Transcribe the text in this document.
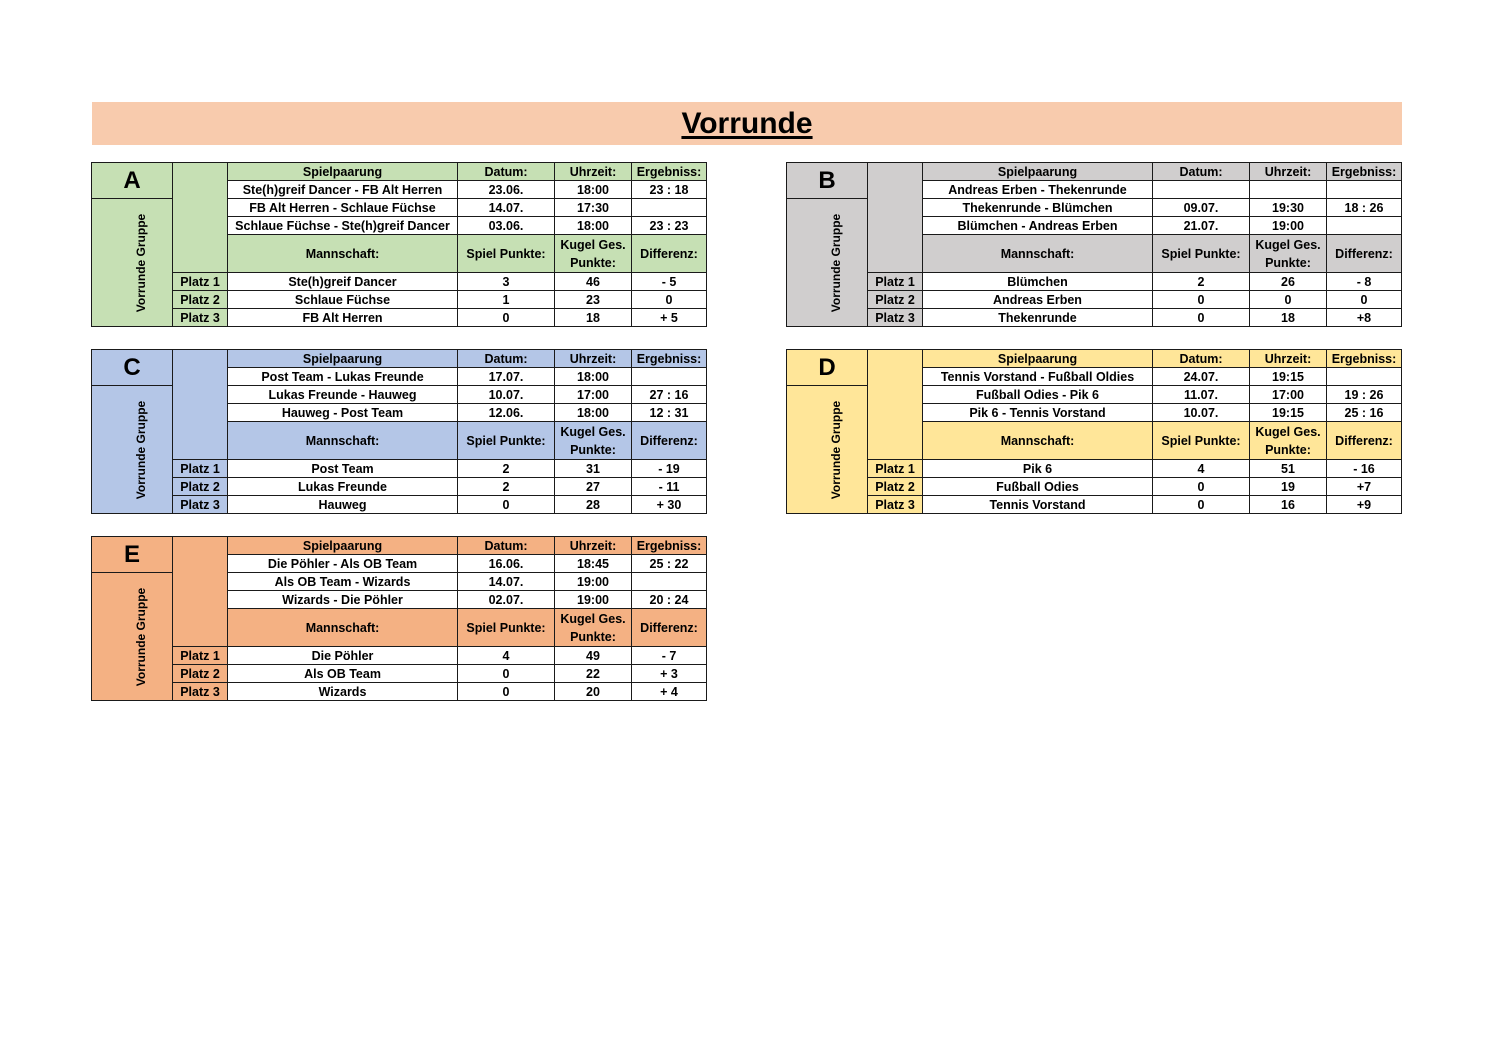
Vorrunde
A		Spielpaarung	Datum:	Uhrzeit:	Ergebniss:
		Ste(h)greif Dancer - FB Alt Herren	23.06.	18:00	23 : 18
Vorrunde Gruppe		FB Alt Herren - Schlaue Füchse	14.07.	17:30	
		Schlaue Füchse - Ste(h)greif Dancer	03.06.	18:00	23 : 23
		Mannschaft:	Spiel Punkte:	Kugel Ges. Punkte:	Differenz:
	Platz 1	Ste(h)greif Dancer	3	46	- 5
	Platz 2	Schlaue Füchse	1	23	0
	Platz 3	FB Alt Herren	0	18	+ 5
B		Spielpaarung	Datum:	Uhrzeit:	Ergebniss:
		Andreas Erben - Thekenrunde			
Vorrunde Gruppe		Thekenrunde - Blümchen	09.07.	19:30	18 : 26
		Blümchen - Andreas Erben	21.07.	19:00	
		Mannschaft:	Spiel Punkte:	Kugel Ges. Punkte:	Differenz:
	Platz 1	Blümchen	2	26	- 8
	Platz 2	Andreas Erben	0	0	0
	Platz 3	Thekenrunde	0	18	+8
C		Spielpaarung	Datum:	Uhrzeit:	Ergebniss:
		Post Team - Lukas Freunde	17.07.	18:00	
Vorrunde Gruppe		Lukas Freunde - Hauweg	10.07.	17:00	27 : 16
		Hauweg - Post Team	12.06.	18:00	12 : 31
		Mannschaft:	Spiel Punkte:	Kugel Ges. Punkte:	Differenz:
	Platz 1	Post Team	2	31	- 19
	Platz 2	Lukas Freunde	2	27	- 11
	Platz 3	Hauweg	0	28	+ 30
D		Spielpaarung	Datum:	Uhrzeit:	Ergebniss:
		Tennis Vorstand - Fußball Oldies	24.07.	19:15	
Vorrunde Gruppe		Fußball Odies - Pik 6	11.07.	17:00	19 : 26
		Pik 6 - Tennis Vorstand	10.07.	19:15	25 : 16
		Mannschaft:	Spiel Punkte:	Kugel Ges. Punkte:	Differenz:
	Platz 1	Pik 6	4	51	- 16
	Platz 2	Fußball Odies	0	19	+7
	Platz 3	Tennis Vorstand	0	16	+9
E		Spielpaarung	Datum:	Uhrzeit:	Ergebniss:
		Die Pöhler - Als OB Team	16.06.	18:45	25 : 22
Vorrunde Gruppe		Als OB Team - Wizards	14.07.	19:00	
		Wizards - Die Pöhler	02.07.	19:00	20 : 24
		Mannschaft:	Spiel Punkte:	Kugel Ges. Punkte:	Differenz:
	Platz 1	Die Pöhler	4	49	- 7
	Platz 2	Als OB Team	0	22	+ 3
	Platz 3	Wizards	0	20	+ 4
